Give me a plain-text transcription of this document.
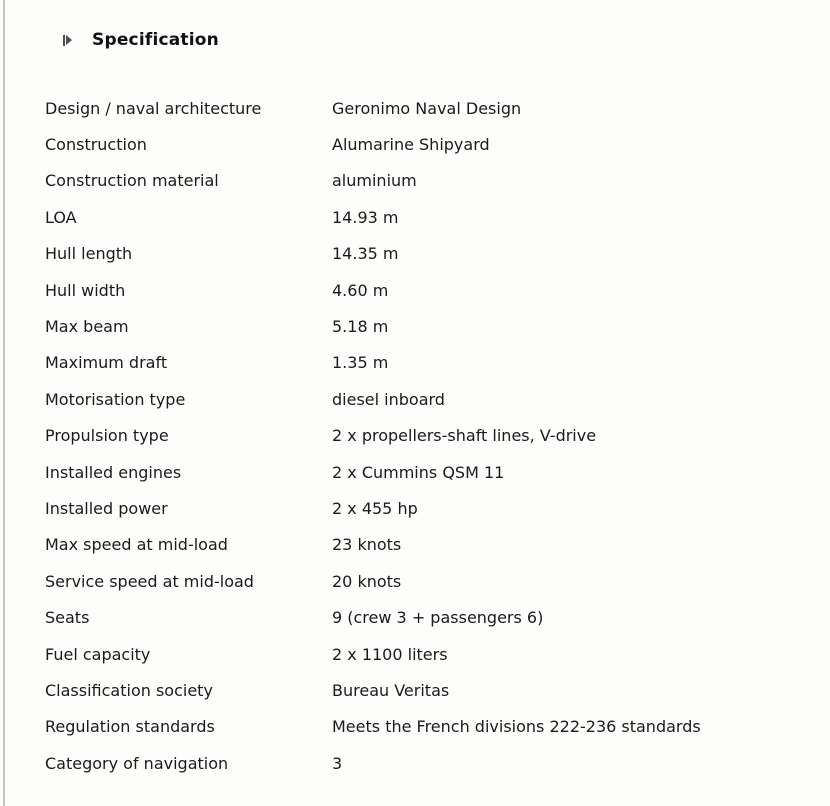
Specification
Design / naval architecture	Geronimo Naval Design
Construction	Alumarine Shipyard
Construction material	aluminium
LOA	14.93 m
Hull length	14.35 m
Hull width	4.60 m
Max beam	5.18 m
Maximum draft	1.35 m
Motorisation type	diesel inboard
Propulsion type	2 x propellers-shaft lines, V-drive
Installed engines	2 x Cummins QSM 11
Installed power	2 x 455 hp
Max speed at mid-load	23 knots
Service speed at mid-load	20 knots
Seats	9 (crew 3 + passengers 6)
Fuel capacity	2 x 1100 liters
Classification society	Bureau Veritas
Regulation standards	Meets the French divisions 222-236 standards
Category of navigation	3
